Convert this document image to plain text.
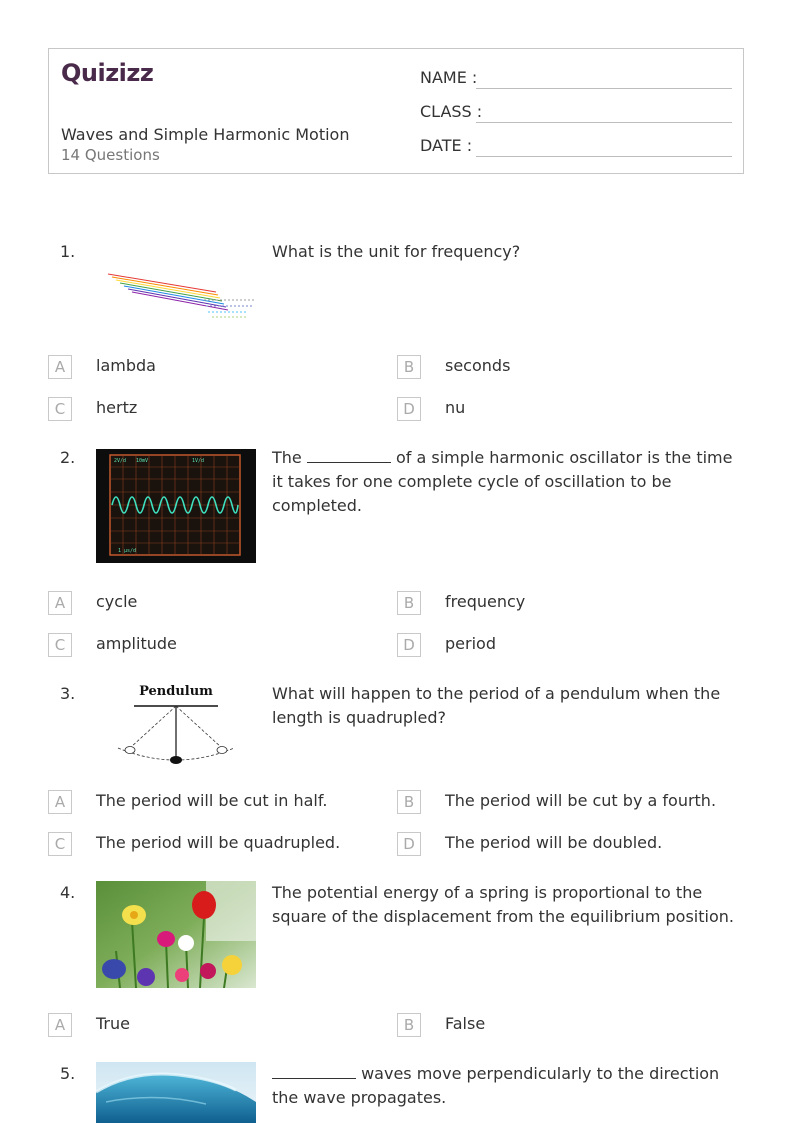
Quizizz
Waves and Simple Harmonic Motion
14 Questions
NAME :
CLASS :
DATE :
1.	What is the unit for frequency?
A	lambda	B	seconds
C	hertz	D	nu
2.	2V/d 10mV
1 μs/d
1V/d	The	of a simple harmonic oscillator is the time it takes for one complete cycle of oscillation to be completed.
A	cycle	B	frequency
C	amplitude	D	period
3.	Pendulum	What will happen to the period of a pendulum when the length is quadrupled?
A	The period will be cut in half.	B	The period will be cut by a fourth.
C	The period will be quadrupled.	D	The period will be doubled.
4.	The potential energy of a spring is proportional to the square of the displacement from the equilibrium position.
A	True	B	False
5.	waves move perpendicularly to the direction the wave propagates.
